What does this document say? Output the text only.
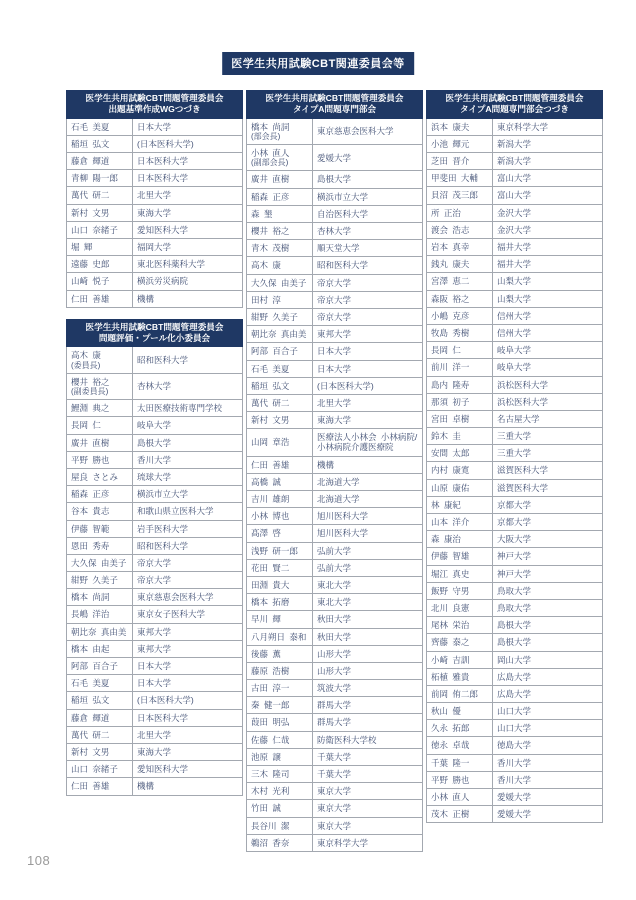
医学生共用試験CBT関連委員会等
医学生共用試験CBT問題管理委員会
出題基準作成WGつづき	

石毛 美夏	日本大学

稲垣 弘文	(日本医科大学)

藤倉 輝道	日本医科大学

青柳 陽一郎	日本医科大学

萬代 研二	北里大学

新村 文男	東海大学

山口 奈緒子	愛知医科大学

堀 輝	福岡大学

遠藤 史郎	東北医科薬科大学

山崎 悦子	横浜労災病院

仁田 善雄	機構
医学生共用試験CBT問題管理委員会
問題評価・プール化小委員会	

高木 康
(委員長)	昭和医科大学

櫻井 裕之
(副委員長)	杏林大学

鯉淵 典之	太田医療技術専門学校

長岡 仁	岐阜大学

廣井 直樹	島根大学

平野 勝也	香川大学

屋良 さとみ	琉球大学

稲森 正彦	横浜市立大学

谷本 貴志	和歌山県立医科大学

伊藤 智範	岩手医科大学

恩田 秀寿	昭和医科大学

大久保 由美子	帝京大学

紺野 久美子	帝京大学

橋本 尚詞	東京慈恵会医科大学

長嶋 洋治	東京女子医科大学

朝比奈 真由美	東邦大学

橋本 由起	東邦大学

阿部 百合子	日本大学

石毛 美夏	日本大学

稲垣 弘文	(日本医科大学)

藤倉 輝道	日本医科大学

萬代 研二	北里大学

新村 文男	東海大学

山口 奈緒子	愛知医科大学

仁田 善雄	機構
医学生共用試験CBT問題管理委員会
タイプA問題専門部会	

橋本 尚詞
(部会長)	東京慈恵会医科大学

小林 直人
(副部会長)	愛媛大学

廣井 直樹	島根大学

稲森 正彦	横浜市立大学

森 墾	自治医科大学

櫻井 裕之	杏林大学

青木 茂樹	順天堂大学

高木 康	昭和医科大学

大久保 由美子	帝京大学

田村 淳	帝京大学

紺野 久美子	帝京大学

朝比奈 真由美	東邦大学

阿部 百合子	日本大学

石毛 美夏	日本大学

稲垣 弘文	(日本医科大学)

萬代 研二	北里大学

新村 文男	東海大学

山岡 章浩	医療法人小林会 小林病院/小林病院介護医療院

仁田 善雄	機構

高橋 誠	北海道大学

吉川 雄朗	北海道大学

小林 博也	旭川医科大学

髙澤 啓	旭川医科大学

浅野 研一郎	弘前大学

花田 賢二	弘前大学

田淵 貴大	東北大学

橋本 拓磨	東北大学

早川 輝	秋田大学

八月朔日 泰和	秋田大学

後藤 薫	山形大学

藤原 浩樹	山形大学

古田 淳一	筑波大学

秦 健一郎	群馬大学

葭田 明弘	群馬大学

佐藤 仁哉	防衛医科大学校

池原 譲	千葉大学

三木 隆司	千葉大学

木村 光利	東京大学

竹田 誠	東京大学

長谷川 潔	東京大学

鵜沼 香奈	東京科学大学
医学生共用試験CBT問題管理委員会
タイプA問題専門部会つづき	

浜本 康夫	東京科学大学

小池 輝元	新潟大学

芝田 晋介	新潟大学

甲斐田 大輔	富山大学

貝沼 茂三郎	富山大学

所 正治	金沢大学

渡会 浩志	金沢大学

岩本 真幸	福井大学

銭丸 康夫	福井大学

宮澤 恵二	山梨大学

森阪 裕之	山梨大学

小嶋 克彦	信州大学

牧島 秀樹	信州大学

長岡 仁	岐阜大学

前川 洋一	岐阜大学

島内 隆寿	浜松医科大学

那須 初子	浜松医科大学

宮田 卓樹	名古屋大学

鈴木 圭	三重大学

安間 太郎	三重大学

内村 康寛	滋賀医科大学

山原 康佑	滋賀医科大学

林 康紀	京都大学

山本 洋介	京都大学

森 康治	大阪大学

伊藤 智雄	神戸大学

堀江 真史	神戸大学

飯野 守男	鳥取大学

北川 良憲	鳥取大学

尾林 栄治	島根大学

齊藤 泰之	島根大学

小崎 吉訓	岡山大学

柘植 雅貴	広島大学

前岡 侑二郎	広島大学

秋山 優	山口大学

久永 拓郎	山口大学

徳永 卓哉	徳島大学

千葉 隆一	香川大学

平野 勝也	香川大学

小林 直人	愛媛大学

茂木 正樹	愛媛大学
108
